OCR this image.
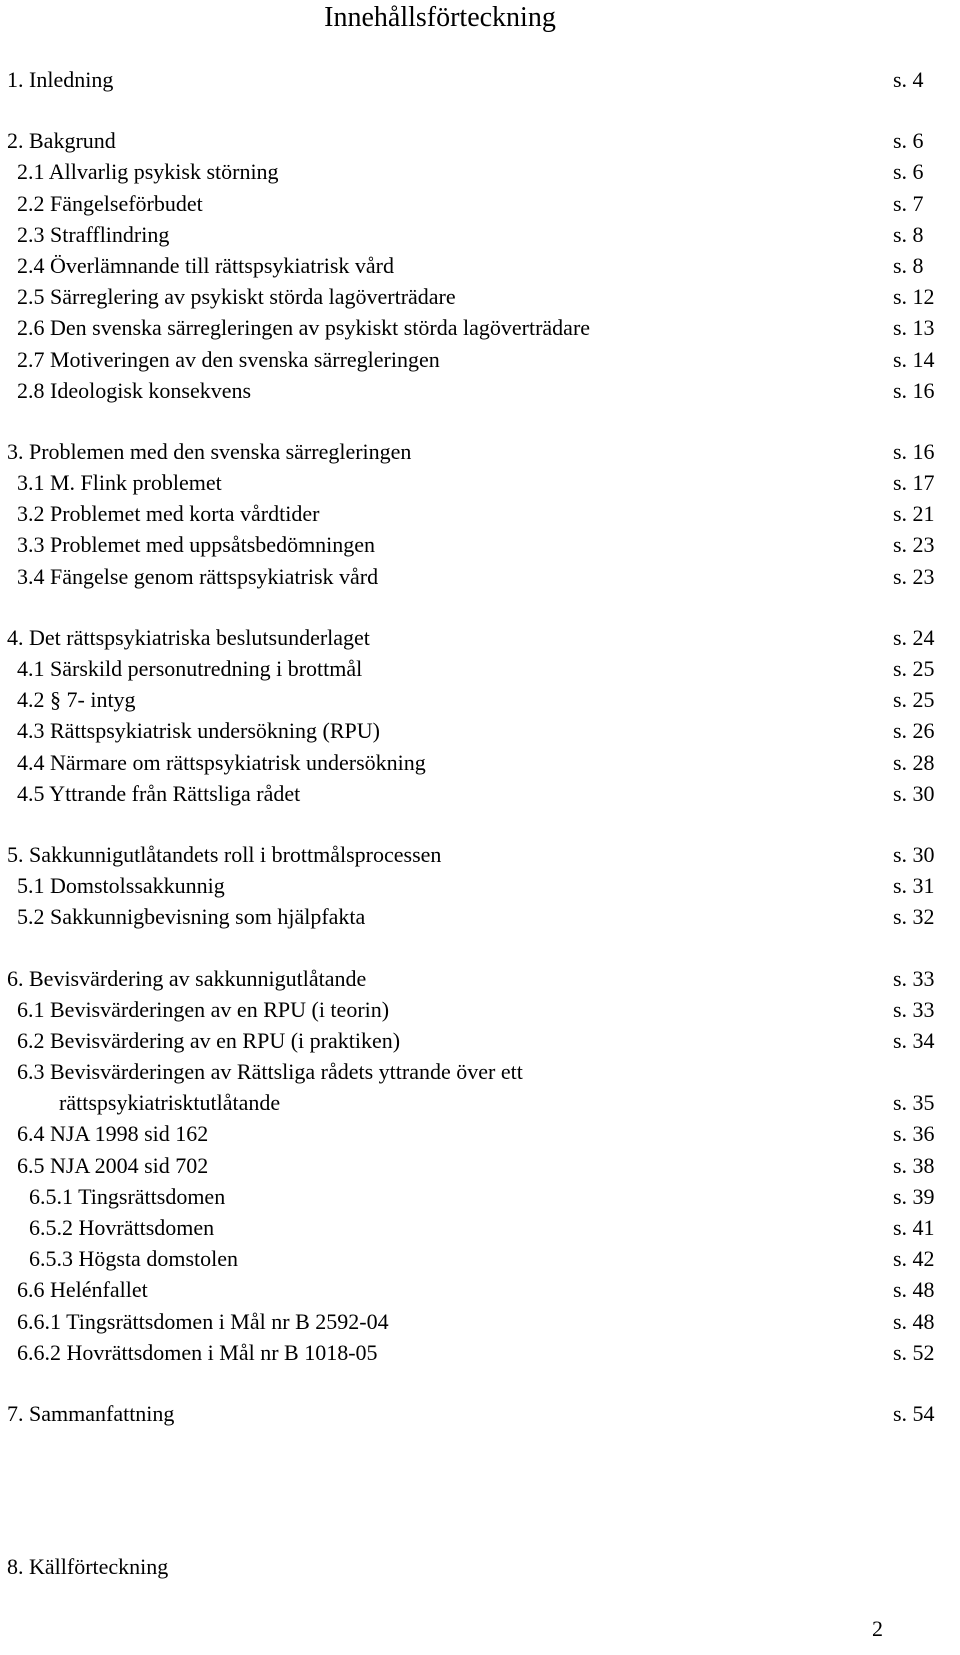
Innehållsförteckning
1. Inledning	s. 4
2. Bakgrund	s. 6
2.1 Allvarlig psykisk störning	s. 6
2.2 Fängelseförbudet	s. 7
2.3 Strafflindring	s. 8
2.4 Överlämnande till rättspsykiatrisk vård	s. 8
2.5 Särreglering av psykiskt störda lagöverträdare	s. 12
2.6 Den svenska särregleringen av psykiskt störda lagöverträdare	s. 13
2.7 Motiveringen av den svenska särregleringen	s. 14
2.8 Ideologisk konsekvens	s. 16
3. Problemen med den svenska särregleringen	s. 16
3.1 M. Flink problemet	s. 17
3.2 Problemet med korta vårdtider	s. 21
3.3 Problemet med uppsåtsbedömningen	s. 23
3.4 Fängelse genom rättspsykiatrisk vård	s. 23
4. Det rättspsykiatriska beslutsunderlaget	s. 24
4.1 Särskild personutredning i brottmål	s. 25
4.2 § 7- intyg	s. 25
4.3 Rättspsykiatrisk undersökning (RPU)	s. 26
4.4 Närmare om rättspsykiatrisk undersökning	s. 28
4.5 Yttrande från Rättsliga rådet	s. 30
5. Sakkunnigutlåtandets roll i brottmålsprocessen	s. 30
5.1 Domstolssakkunnig	s. 31
5.2 Sakkunnigbevisning som hjälpfakta	s. 32
6. Bevisvärdering av sakkunnigutlåtande	s. 33
6.1 Bevisvärderingen av en RPU (i teorin)	s. 33
6.2 Bevisvärdering av en RPU (i praktiken)	s. 34
6.3 Bevisvärderingen av Rättsliga rådets yttrande över ett
rättspsykiatrisktutlåtande	s. 35
6.4 NJA 1998 sid 162	s. 36
6.5 NJA 2004 sid 702	s. 38
6.5.1 Tingsrättsdomen	s. 39
6.5.2 Hovrättsdomen	s. 41
6.5.3 Högsta domstolen	s. 42
6.6 Helénfallet	s. 48
6.6.1 Tingsrättsdomen i Mål nr B 2592-04	s. 48
6.6.2 Hovrättsdomen i Mål nr B 1018-05	s. 52
7. Sammanfattning	s. 54
8. Källförteckning
2
